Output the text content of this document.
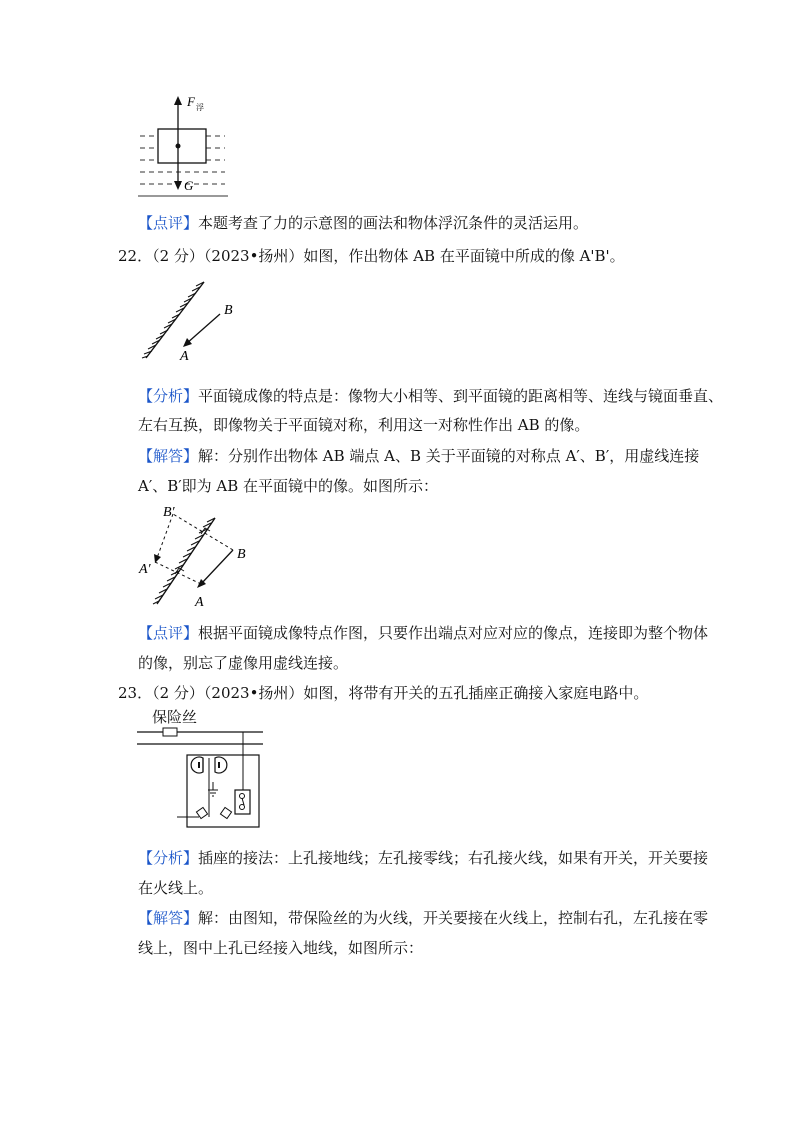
F 浮
G
【点评】本题考查了力的示意图的画法和物体浮沉条件的灵活运用。
22．（2 分）（2023•扬州）如图，作出物体 AB 在平面镜中所成的像 A'B'。
B
A
【分析】平面镜成像的特点是：像物大小相等、到平面镜的距离相等、连线与镜面垂直、
左右互换，即像物关于平面镜对称，利用这一对称性作出 AB 的像。
【解答】解：分别作出物体 AB 端点 A、B 关于平面镜的对称点 A′、B′，用虚线连接
A′、B′即为 AB 在平面镜中的像。如图所示：
B
A
B′
A′
【点评】根据平面镜成像特点作图，只要作出端点对应对应的像点，连接即为整个物体
的像，别忘了虚像用虚线连接。
23．（2 分）（2023•扬州）如图，将带有开关的五孔插座正确接入家庭电路中。
保险丝
【分析】插座的接法：上孔接地线；左孔接零线；右孔接火线，如果有开关，开关要接
在火线上。
【解答】解：由图知，带保险丝的为火线，开关要接在火线上，控制右孔，左孔接在零
线上，图中上孔已经接入地线，如图所示：
